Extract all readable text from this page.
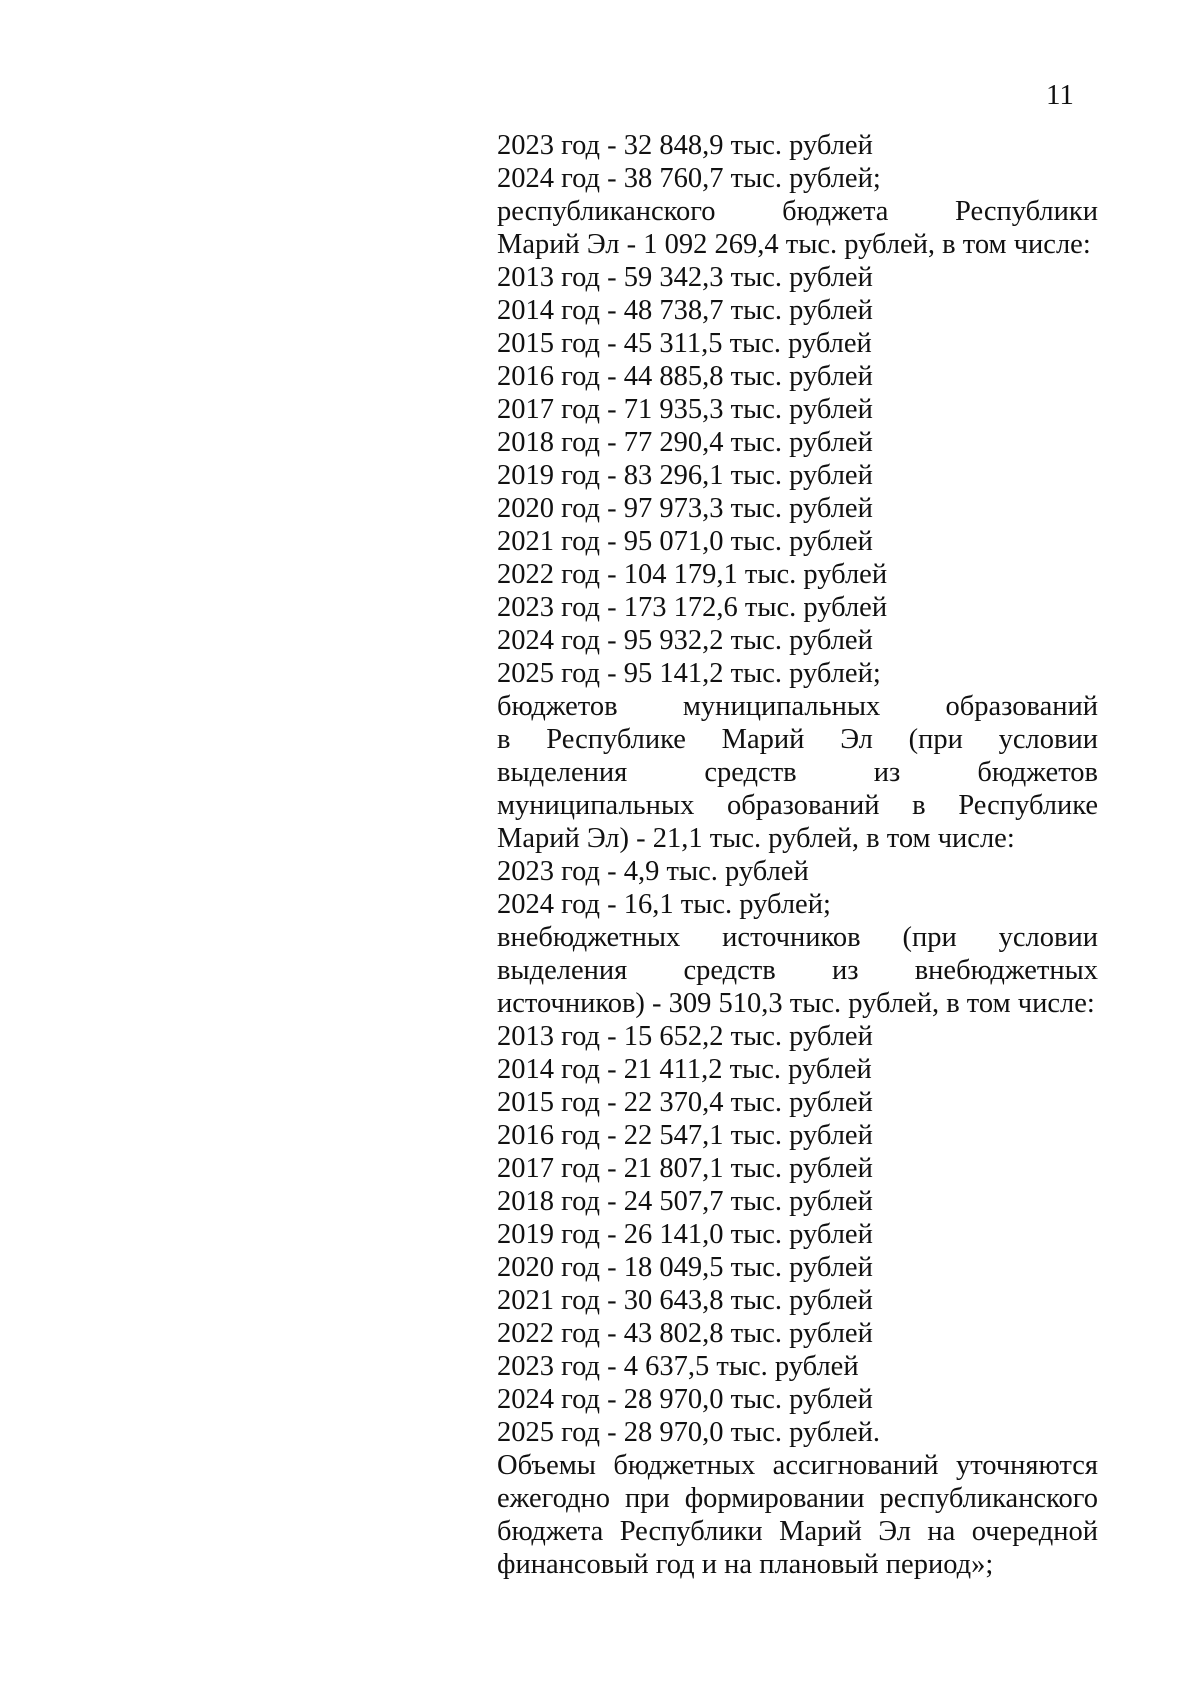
11
2023 год - 32 848,9 тыс. рублей
2024 год - 38 760,7 тыс. рублей;
республиканского бюджета Республики
Марий Эл - 1 092 269,4 тыс. рублей, в том числе:
2013 год - 59 342,3 тыс. рублей
2014 год - 48 738,7 тыс. рублей
2015 год - 45 311,5 тыс. рублей
2016 год - 44 885,8 тыс. рублей
2017 год - 71 935,3 тыс. рублей
2018 год - 77 290,4 тыс. рублей
2019 год - 83 296,1 тыс. рублей
2020 год - 97 973,3 тыс. рублей
2021 год - 95 071,0 тыс. рублей
2022 год - 104 179,1 тыс. рублей
2023 год - 173 172,6 тыс. рублей
2024 год - 95 932,2 тыс. рублей
2025 год - 95 141,2 тыс. рублей;
бюджетов муниципальных образований
в Республике Марий Эл (при условии
выделения средств из бюджетов
муниципальных образований в Республике
Марий Эл) - 21,1 тыс. рублей, в том числе:
2023 год - 4,9 тыс. рублей
2024 год - 16,1 тыс. рублей;
внебюджетных источников (при условии
выделения средств из внебюджетных
источников) - 309 510,3 тыс. рублей, в том числе:
2013 год - 15 652,2 тыс. рублей
2014 год - 21 411,2 тыс. рублей
2015 год - 22 370,4 тыс. рублей
2016 год - 22 547,1 тыс. рублей
2017 год - 21 807,1 тыс. рублей
2018 год - 24 507,7 тыс. рублей
2019 год - 26 141,0 тыс. рублей
2020 год - 18 049,5 тыс. рублей
2021 год - 30 643,8 тыс. рублей
2022 год - 43 802,8 тыс. рублей
2023 год - 4 637,5 тыс. рублей
2024 год - 28 970,0 тыс. рублей
2025 год - 28 970,0 тыс. рублей.
Объемы бюджетных ассигнований уточняются
ежегодно при формировании республиканского
бюджета Республики Марий Эл на очередной
финансовый год и на плановый период»;
